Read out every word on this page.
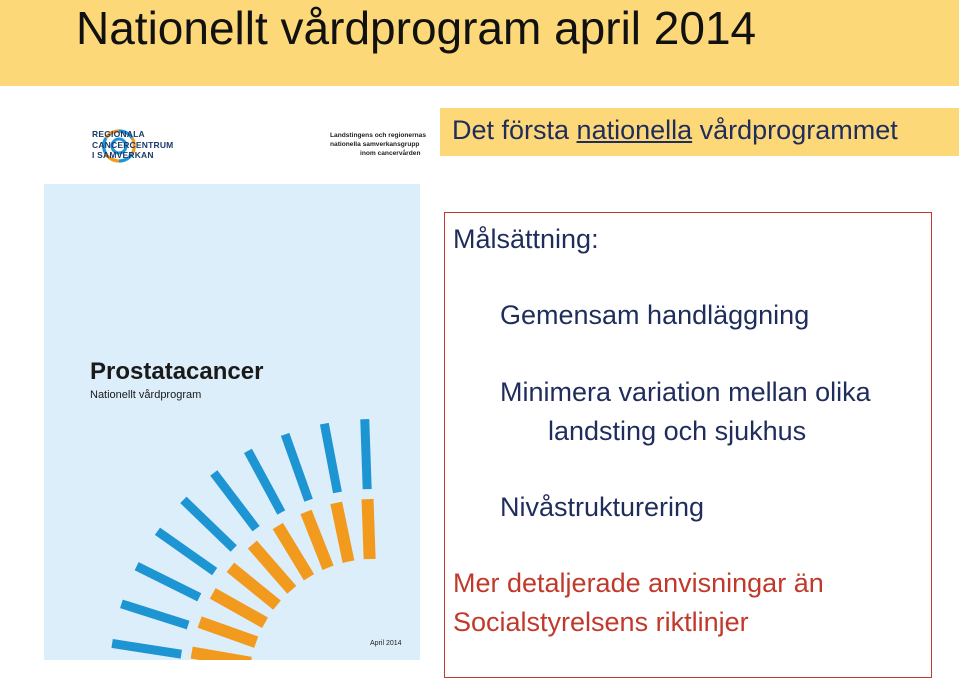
Nationellt vårdprogram april 2014
Det första nationella vårdprogrammet
REGIONALA
CANCERCENTRUM
I SAMVERKAN
Landstingens och regionernas
nationella samverkansgrupp
inom cancervården
Prostatacancer
Nationellt vårdprogram
April 2014
Målsättning:
Gemensam handläggning
Minimera variation mellan olika
landsting och sjukhus
Nivåstrukturering
Mer detaljerade anvisningar än
Socialstyrelsens riktlinjer
